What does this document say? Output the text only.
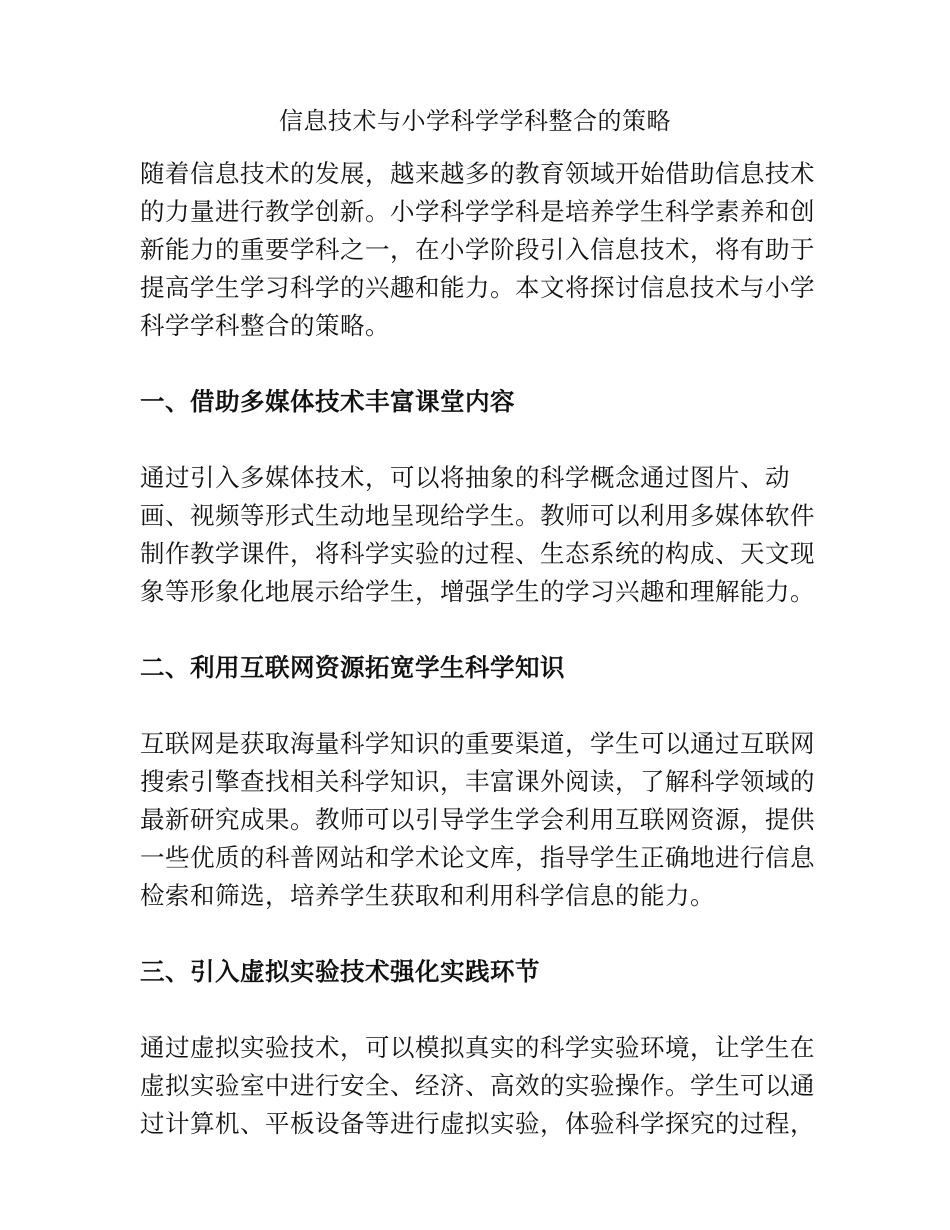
信息技术与小学科学学科整合的策略

随着信息技术的发展，越来越多的教育领域开始借助信息技术的力量进行教学创新。小学科学学科是培养学生科学素养和创新能力的重要学科之一，在小学阶段引入信息技术，将有助于提高学生学习科学的兴趣和能力。本文将探讨信息技术与小学科学学科整合的策略。

一、借助多媒体技术丰富课堂内容

通过引入多媒体技术，可以将抽象的科学概念通过图片、动画、视频等形式生动地呈现给学生。教师可以利用多媒体软件制作教学课件，将科学实验的过程、生态系统的构成、天文现象等形象化地展示给学生，增强学生的学习兴趣和理解能力。

二、利用互联网资源拓宽学生科学知识

互联网是获取海量科学知识的重要渠道，学生可以通过互联网搜索引擎查找相关科学知识，丰富课外阅读，了解科学领域的最新研究成果。教师可以引导学生学会利用互联网资源，提供一些优质的科普网站和学术论文库，指导学生正确地进行信息检索和筛选，培养学生获取和利用科学信息的能力。

三、引入虚拟实验技术强化实践环节

通过虚拟实验技术，可以模拟真实的科学实验环境，让学生在虚拟实验室中进行安全、经济、高效的实验操作。学生可以通过计算机、平板设备等进行虚拟实验，体验科学探究的过程，
